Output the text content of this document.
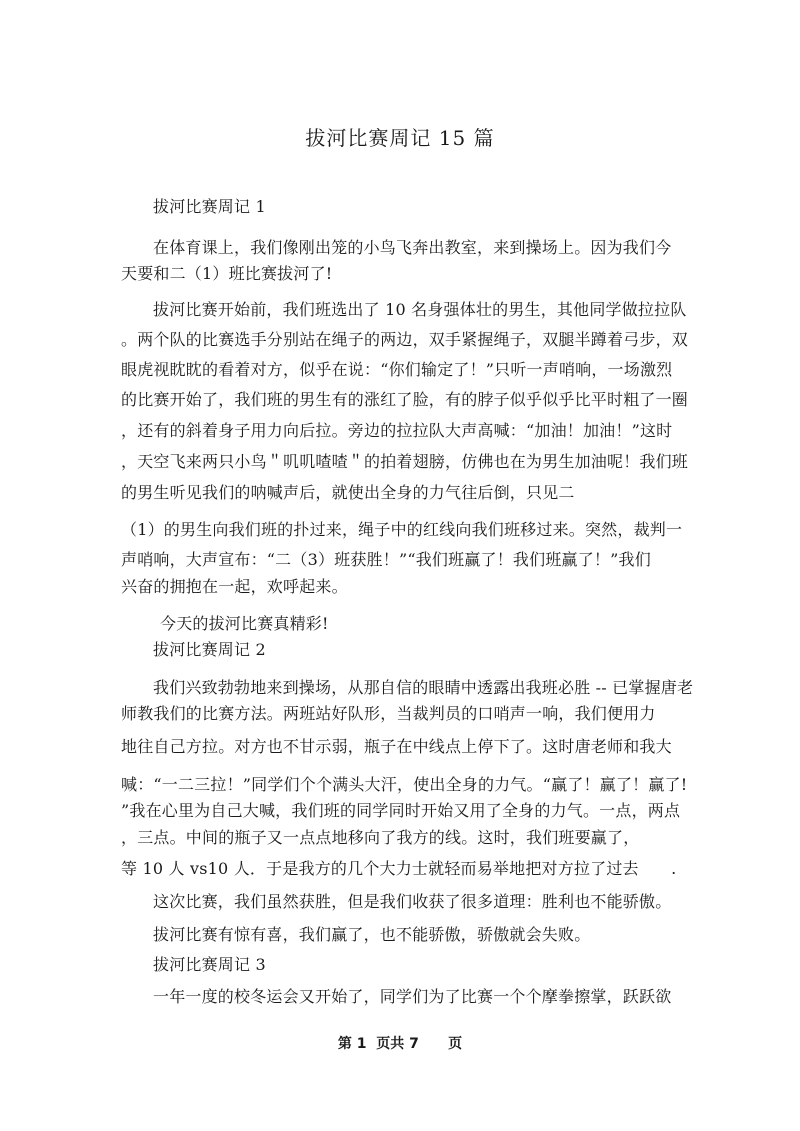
拔河比赛周记 15 篇
拔河比赛周记 1
在体育课上，我们像刚出笼的小鸟飞奔出教室，来到操场上。因为我们今
天要和二（1）班比赛拔河了!
拔河比赛开始前，我们班选出了 10 名身强体壮的男生，其他同学做拉拉队
。两个队的比赛选手分别站在绳子的两边，双手紧握绳子，双腿半蹲着弓步，双
眼虎视眈眈的看着对方，似乎在说：“你们输定了！”只听一声哨响，一场激烈
的比赛开始了，我们班的男生有的涨红了脸，有的脖子似乎似乎比平时粗了一圈
，还有的斜着身子用力向后拉。旁边的拉拉队大声高喊：“加油！加油！”这时
，天空飞来两只小鸟＂叽叽喳喳＂的拍着翅膀，仿佛也在为男生加油呢！我们班
的男生听见我们的呐喊声后，就使出全身的力气往后倒，只见二
（1）的男生向我们班的扑过来，绳子中的红线向我们班移过来。突然，裁判一
声哨响，大声宣布：“二（3）班获胜！”“我们班赢了！我们班赢了！”我们
兴奋的拥抱在一起，欢呼起来。
今天的拔河比赛真精彩!
拔河比赛周记 2
我们兴致勃勃地来到操场，从那自信的眼睛中透露出我班必胜 -- 已掌握唐老
师教我们的比赛方法。两班站好队形，当裁判员的口哨声一响，我们便用力
地往自己方拉。对方也不甘示弱，瓶子在中线点上停下了。这时唐老师和我大
喊：“一二三拉！”同学们个个满头大汗，使出全身的力气。“赢了！赢了！赢了!
”我在心里为自己大喊，我们班的同学同时开始又用了全身的力气。一点，两点
，三点。中间的瓶子又一点点地移向了我方的线。这时，我们班要赢了，
等 10 人 vs10 人．于是我方的几个大力士就轻而易举地把对方拉了过去　　.
这次比赛，我们虽然获胜，但是我们收获了很多道理：胜利也不能骄傲。
拔河比赛有惊有喜，我们赢了，也不能骄傲，骄傲就会失败。
拔河比赛周记 3
一年一度的校冬运会又开始了，同学们为了比赛一个个摩拳擦掌，跃跃欲
第 1  页共 7      页
